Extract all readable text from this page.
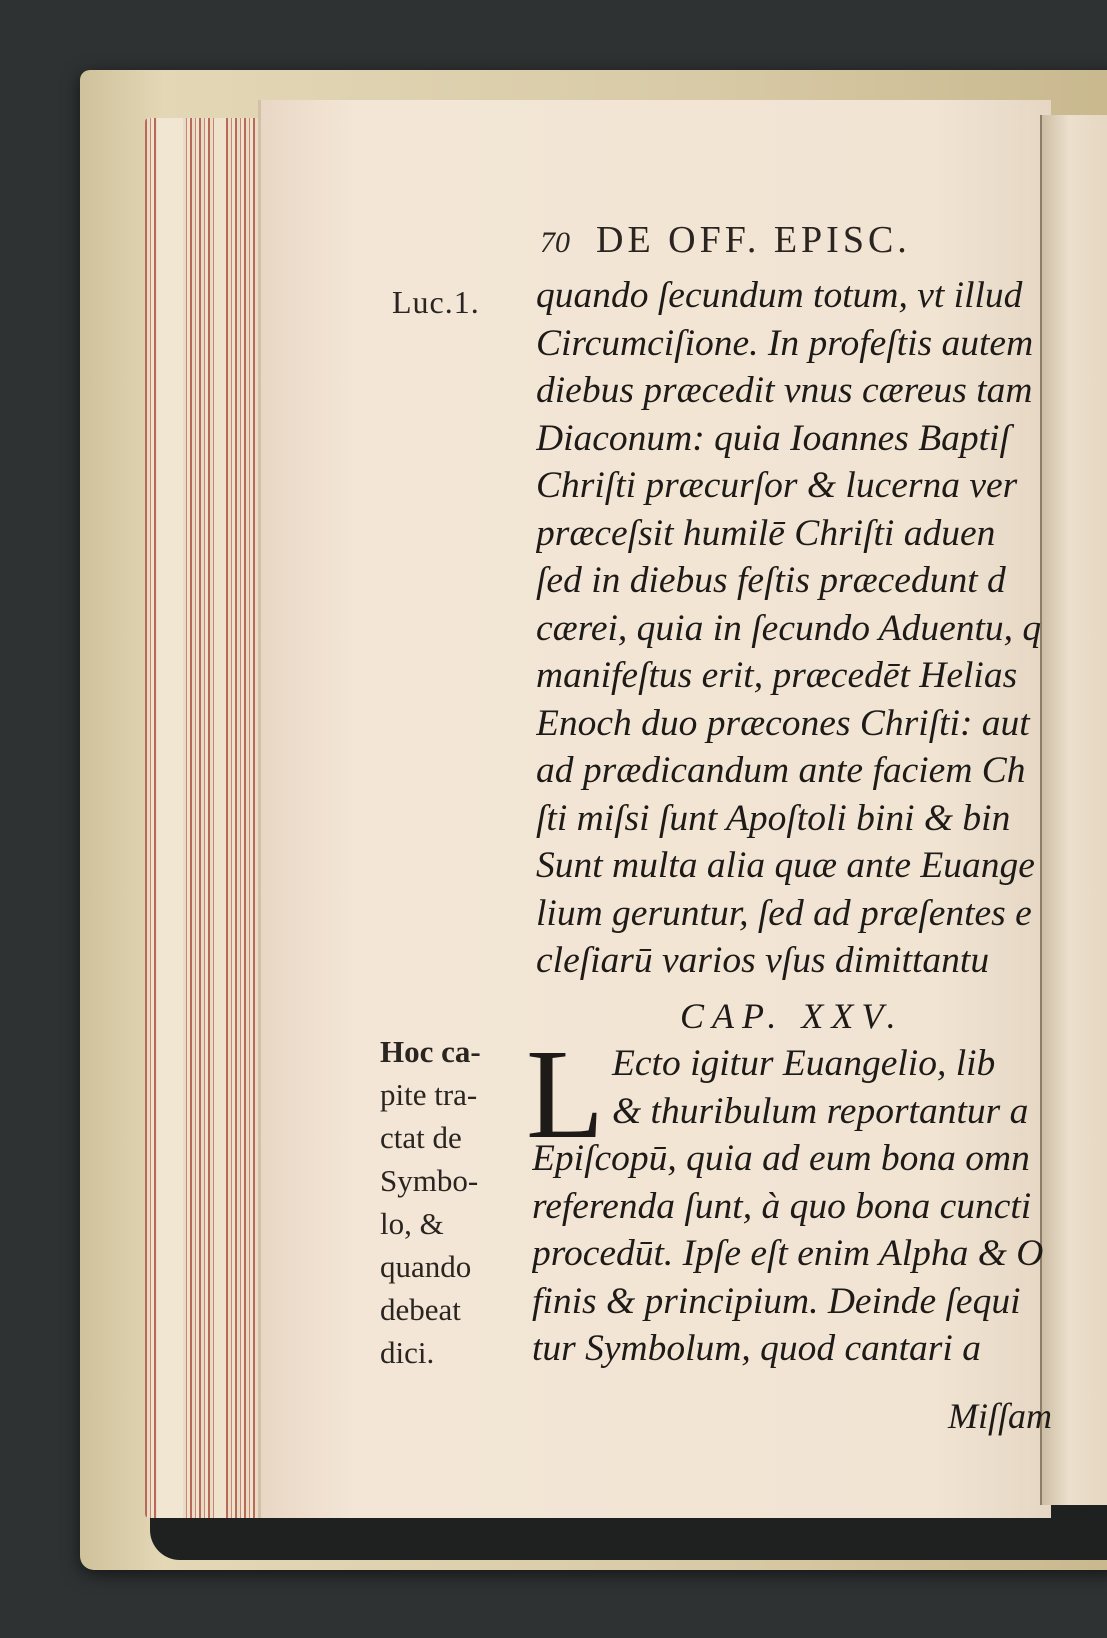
70 DE OFF. EPISC.
Luc.1. quando ſecundum totum, vt illud
Circumciſione. In profeſtis autem
diebus præcedit vnus cæreus tam
Diaconum: quia Ioannes Baptiſ
Chriſti præcurſor & lucerna ver
præceſsit humilē Chriſti aduen
ſed in diebus feſtis præcedunt d
cærei, quia in ſecundo Aduentu, q
manifeſtus erit, præcedēt Helias
Enoch duo præcones Chriſti: aut
ad prædicandum ante faciem Ch
ſti miſsi ſunt Apoſtoli bini & bin
Sunt multa alia quæ ante Euange
lium geruntur, ſed ad præſentes e
cleſiarū varios vſus dimittantu
CAP. XXV.
L Ecto igitur Euangelio, lib
& thuribulum reportantur a
Epiſcopū, quia ad eum bona omn
referenda ſunt, à quo bona cuncti
procedūt. Ipſe eſt enim Alpha & O
finis & principium. Deinde ſequi
tur Symbolum, quod cantari a
Miſſam
Hoc ca-
pite tra-
ctat de
Symbo-
lo, &
quando
debeat
dici.
